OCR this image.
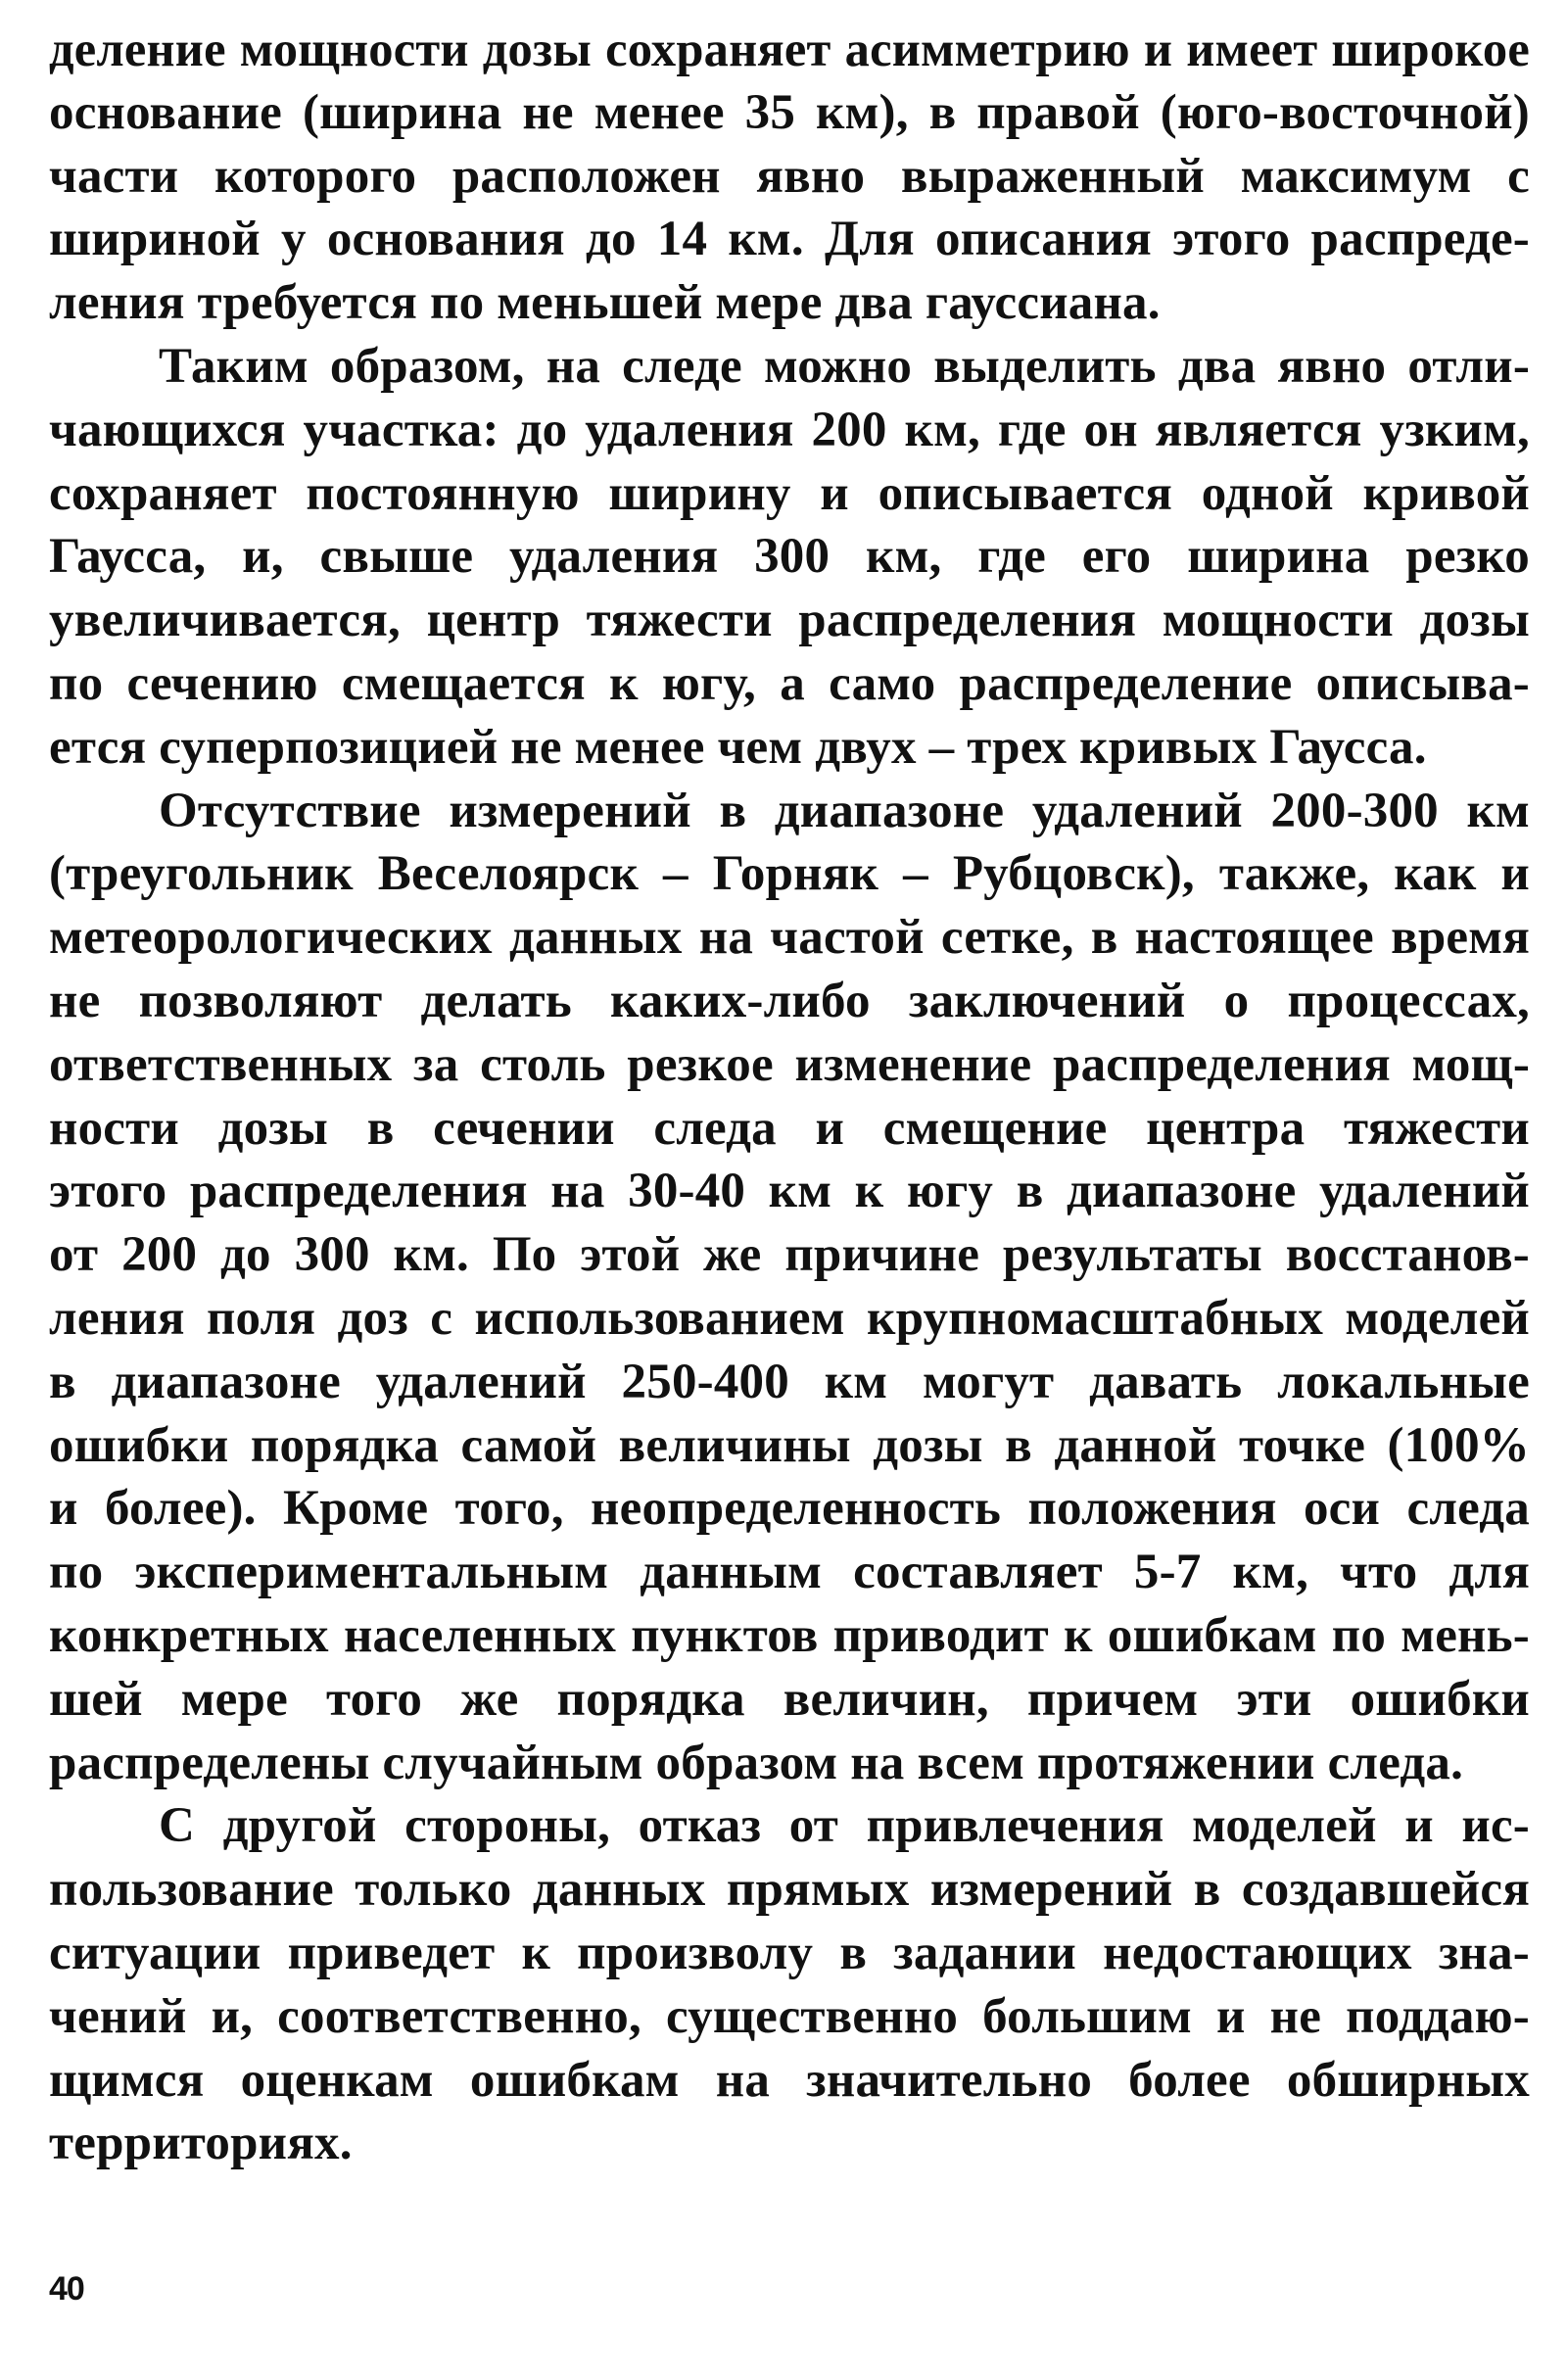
деление мощности дозы сохраняет асимметрию и имеет широкое
основание (ширина не менее 35 км), в правой (юго-восточной)
части которого расположен явно выраженный максимум с
шириной у основания до 14 км. Для описания этого распреде-
ления требуется по меньшей мере два гауссиана.

Таким образом, на следе можно выделить два явно отли-
чающихся участка: до удаления 200 км, где он является узким,
сохраняет постоянную ширину и описывается одной кривой
Гаусса, и, свыше удаления 300 км, где его ширина резко
увеличивается, центр тяжести распределения мощности дозы
по сечению смещается к югу, а само распределение описыва-
ется суперпозицией не менее чем двух – трех кривых Гаусса.

Отсутствие измерений в диапазоне удалений 200-300 км
(треугольник Веселоярск – Горняк – Рубцовск), также, как и
метеорологических данных на частой сетке, в настоящее время
не позволяют делать каких-либо заключений о процессах,
ответственных за столь резкое изменение распределения мощ-
ности дозы в сечении следа и смещение центра тяжести
этого распределения на 30-40 км к югу в диапазоне удалений
от 200 до 300 км. По этой же причине результаты восстанов-
ления поля доз с использованием крупномасштабных моделей
в диапазоне удалений 250-400 км могут давать локальные
ошибки порядка самой величины дозы в данной точке (100%
и более). Кроме того, неопределенность положения оси следа
по экспериментальным данным составляет 5-7 км, что для
конкретных населенных пунктов приводит к ошибкам по мень-
шей мере того же порядка величин, причем эти ошибки
распределены случайным образом на всем протяжении следа.

С другой стороны, отказ от привлечения моделей и ис-
пользование только данных прямых измерений в создавшейся
ситуации приведет к произволу в задании недостающих зна-
чений и, соответственно, существенно большим и не поддаю-
щимся оценкам ошибкам на значительно более обширных
территориях.

40
